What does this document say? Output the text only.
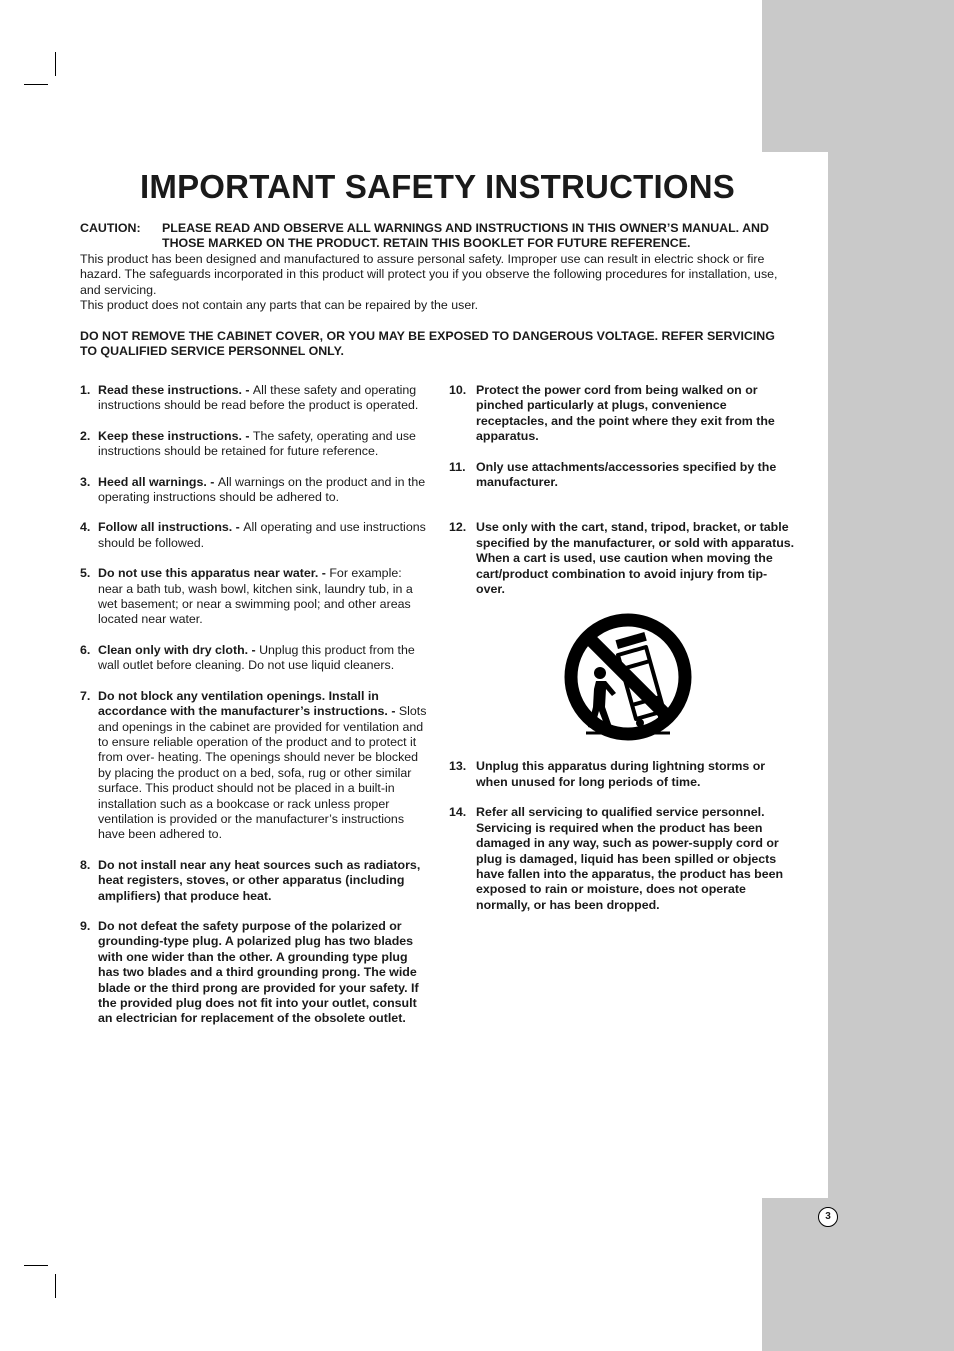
3
IMPORTANT SAFETY INSTRUCTIONS
CAUTION:	PLEASE READ AND OBSERVE ALL WARNINGS AND INSTRUCTIONS IN THIS OWNER’S MANUAL. AND THOSE MARKED ON THE PRODUCT. RETAIN THIS BOOKLET FOR FUTURE REFERENCE.

This product has been designed and manufactured to assure personal safety. Improper use can result in electric shock or fire hazard. The safeguards incorporated in this product will protect you if you observe the following procedures for installation, use, and servicing.

This product does not contain any parts that can be repaired by the user.

DO NOT REMOVE THE CABINET COVER, OR YOU MAY BE EXPOSED TO DANGEROUS VOLTAGE. REFER SERVICING TO QUALIFIED SERVICE PERSONNEL ONLY.
1. Read these instructions. - All these safety and operating instructions should be read before the product is operated.
2. Keep these instructions. - The safety, operating and use instructions should be retained for future reference.
3. Heed all warnings. - All warnings on the product and in the operating instructions should be adhered to.
4. Follow all instructions. - All operating and use instructions should be followed.
5. Do not use this apparatus near water. - For example: near a bath tub, wash bowl, kitchen sink, laundry tub, in a wet basement; or near a swimming pool; and other areas located near water.
6. Clean only with dry cloth. - Unplug this product from the wall outlet before cleaning. Do not use liquid cleaners.
7. Do not block any ventilation openings. Install in accordance with the manufacturer’s instructions. - Slots and openings in the cabinet are provided for ventilation and to ensure reliable operation of the product and to protect it from over- heating. The openings should never be blocked by placing the product on a bed, sofa, rug or other similar surface. This product should not be placed in a built-in installation such as a bookcase or rack unless proper ventilation is provided or the manufacturer’s instructions have been adhered to.
8. Do not install near any heat sources such as radiators, heat registers, stoves, or other apparatus (including amplifiers) that produce heat.
9. Do not defeat the safety purpose of the polarized or grounding-type plug. A polarized plug has two blades with one wider than the other. A grounding type plug has two blades and a third grounding prong. The wide blade or the third prong are provided for your safety. If the provided plug does not fit into your outlet, consult an electrician for replacement of the obsolete outlet.
10. Protect the power cord from being walked on or pinched particularly at plugs, convenience receptacles, and the point where they exit from the apparatus.
11. Only use attachments/accessories specified by the manufacturer.
12. Use only with the cart, stand, tripod, bracket, or table specified by the manufacturer, or sold with apparatus. When a cart is used, use caution when moving the cart/product combination to avoid injury from tip-over.
13. Unplug this apparatus during lightning storms or when unused for long periods of time.
14. Refer all servicing to qualified service personnel. Servicing is required when the product has been damaged in any way, such as power-supply cord or plug is damaged, liquid has been spilled or objects have fallen into the apparatus, the product has been exposed to rain or moisture, does not operate normally, or has been dropped.
